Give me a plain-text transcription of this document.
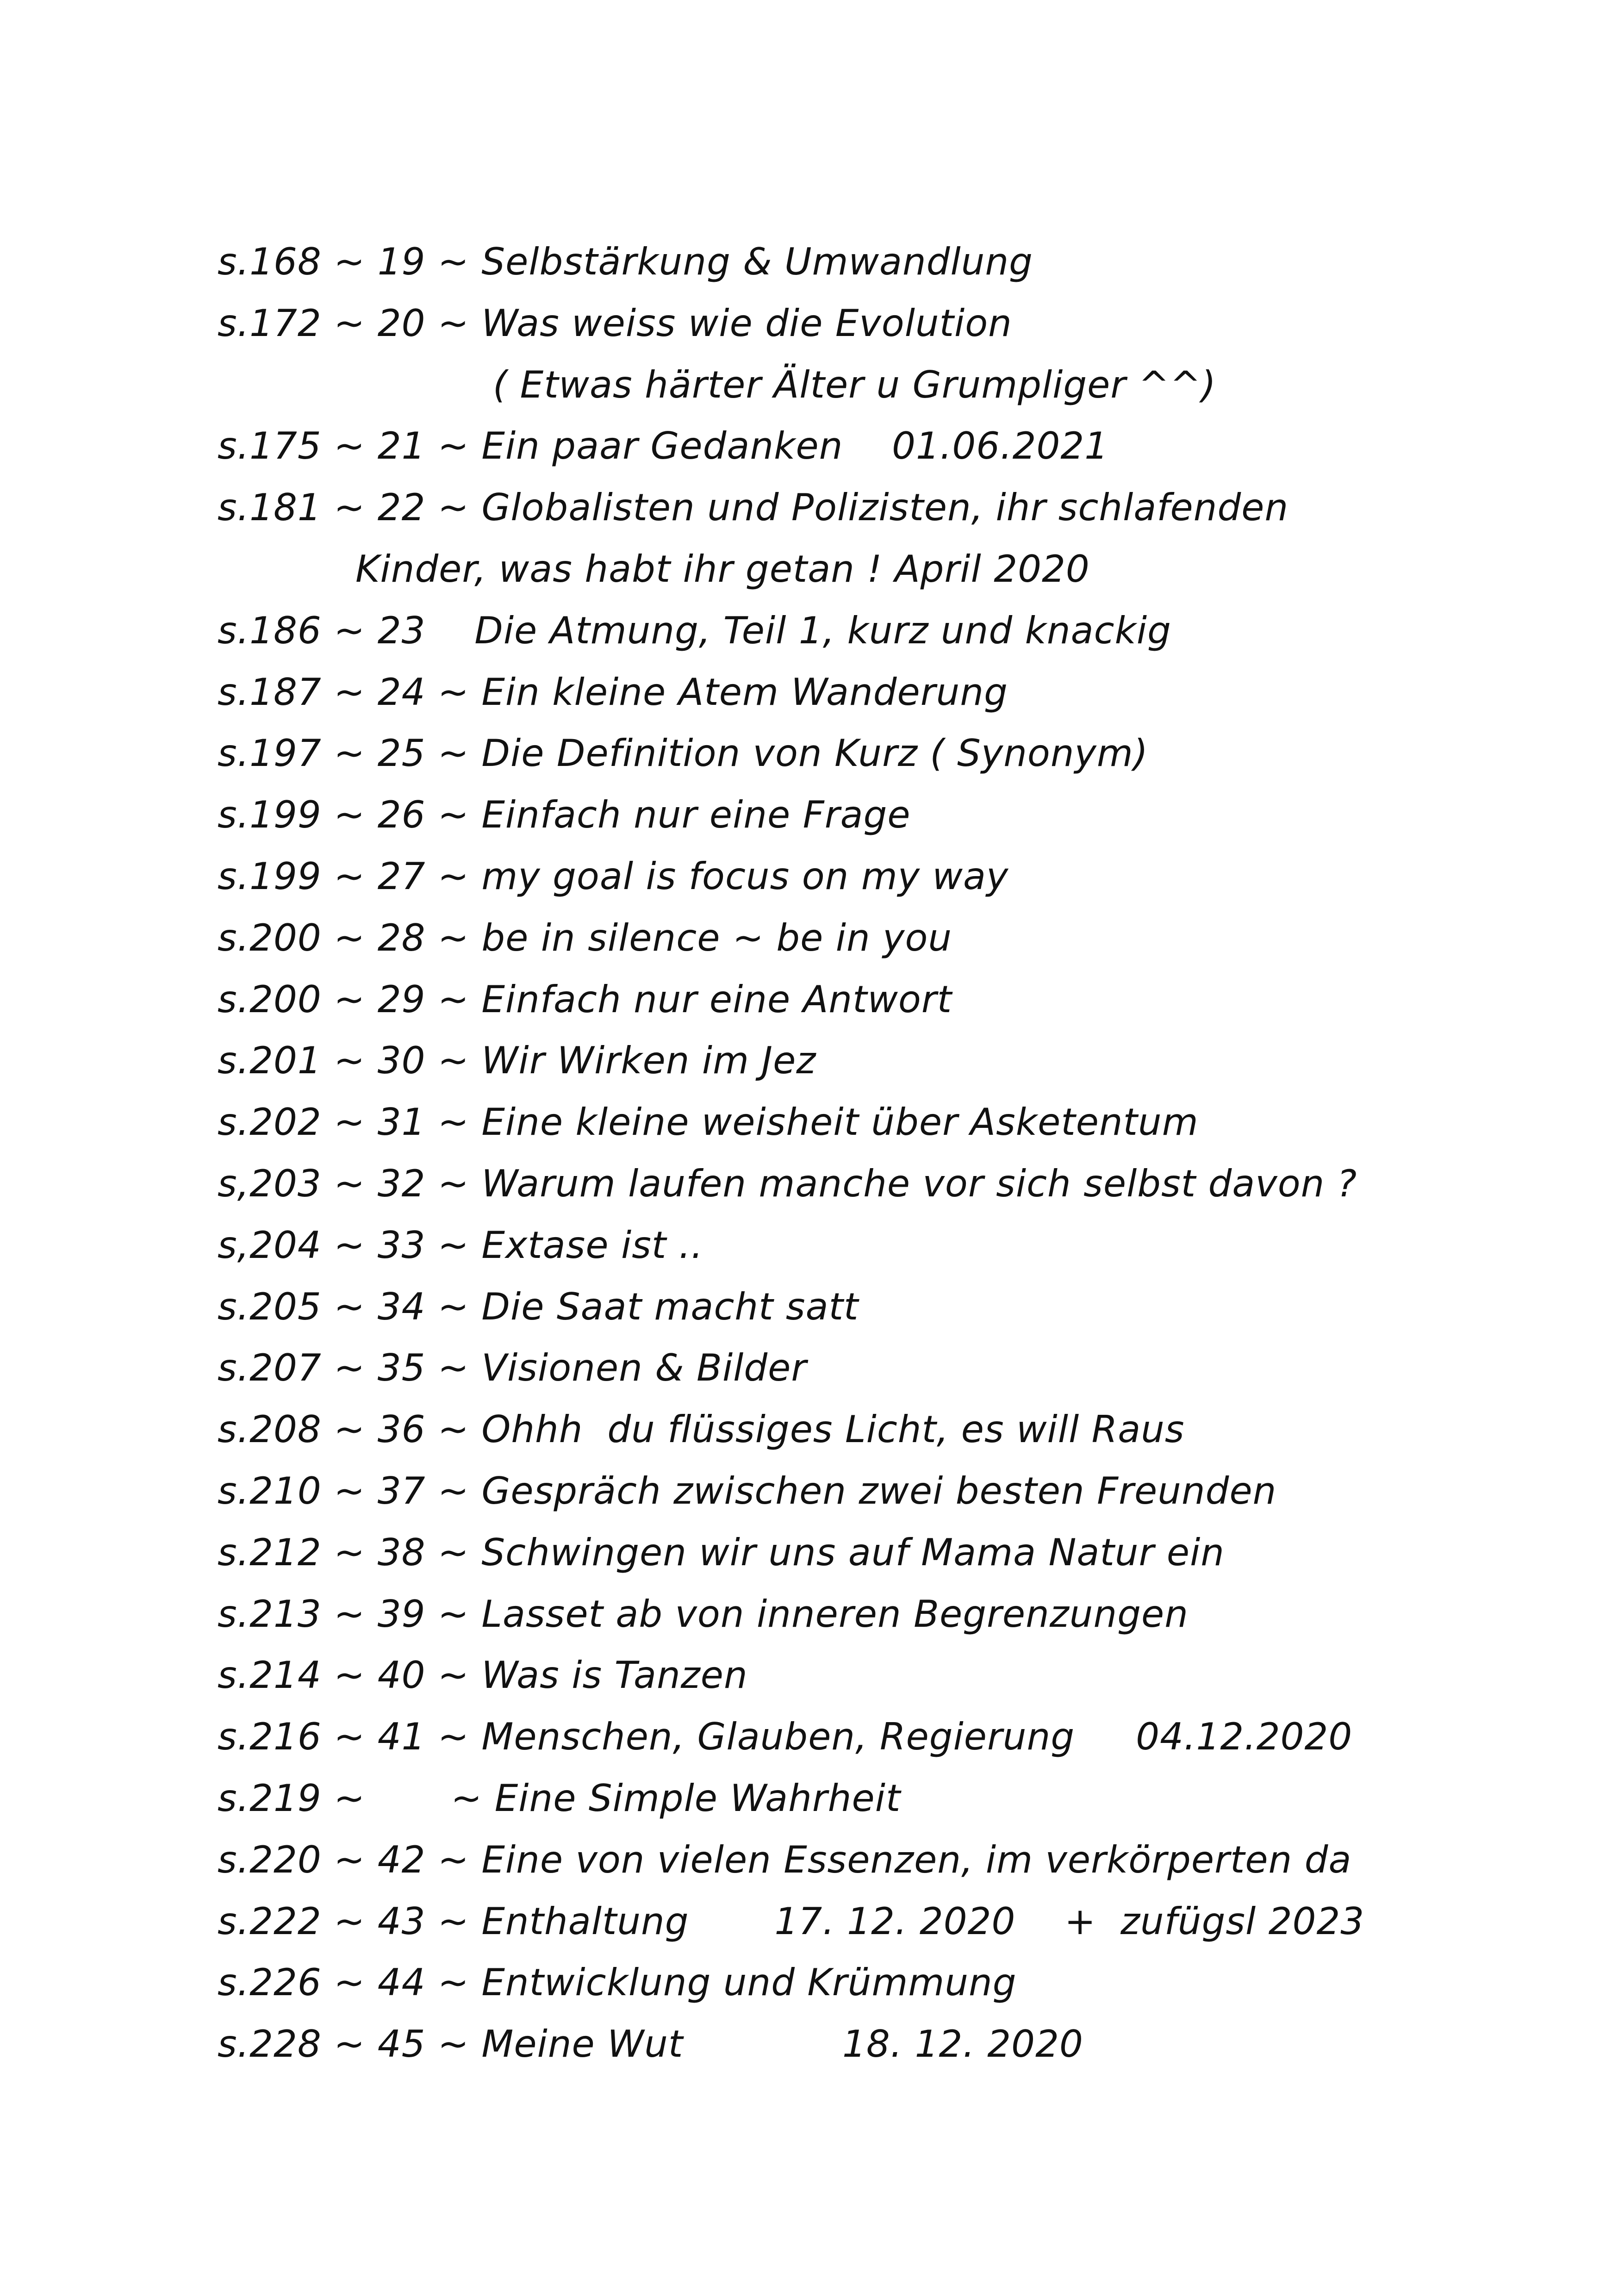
s.168 ~ 19 ~ Selbstärkung & Umwandlung
s.172 ~ 20 ~ Was weiss wie die Evolution
( Etwas härter Älter u Grumpliger ^^)
s.175 ~ 21 ~ Ein paar Gedanken    01.06.2021
s.181 ~ 22 ~ Globalisten und Polizisten, ihr schlafenden
Kinder, was habt ihr getan ! April 2020
s.186 ~ 23    Die Atmung, Teil 1, kurz und knackig
s.187 ~ 24 ~ Ein kleine Atem Wanderung
s.197 ~ 25 ~ Die Definition von Kurz ( Synonym)
s.199 ~ 26 ~ Einfach nur eine Frage
s.199 ~ 27 ~ my goal is focus on my way
s.200 ~ 28 ~ be in silence ~ be in you
s.200 ~ 29 ~ Einfach nur eine Antwort
s.201 ~ 30 ~ Wir Wirken im Jez
s.202 ~ 31 ~ Eine kleine weisheit über Asketentum
s,203 ~ 32 ~ Warum laufen manche vor sich selbst davon ?
s,204 ~ 33 ~ Extase ist ..
s.205 ~ 34 ~ Die Saat macht satt
s.207 ~ 35 ~ Visionen & Bilder
s.208 ~ 36 ~ Ohhh  du flüssiges Licht, es will Raus
s.210 ~ 37 ~ Gespräch zwischen zwei besten Freunden
s.212 ~ 38 ~ Schwingen wir uns auf Mama Natur ein
s.213 ~ 39 ~ Lasset ab von inneren Begrenzungen
s.214 ~ 40 ~ Was is Tanzen
s.216 ~ 41 ~ Menschen, Glauben, Regierung     04.12.2020
s.219 ~       ~ Eine Simple Wahrheit
s.220 ~ 42 ~ Eine von vielen Essenzen, im verkörperten da
s.222 ~ 43 ~ Enthaltung       17. 12. 2020    +  zufügsl 2023
s.226 ~ 44 ~ Entwicklung und Krümmung
s.228 ~ 45 ~ Meine Wut             18. 12. 2020
